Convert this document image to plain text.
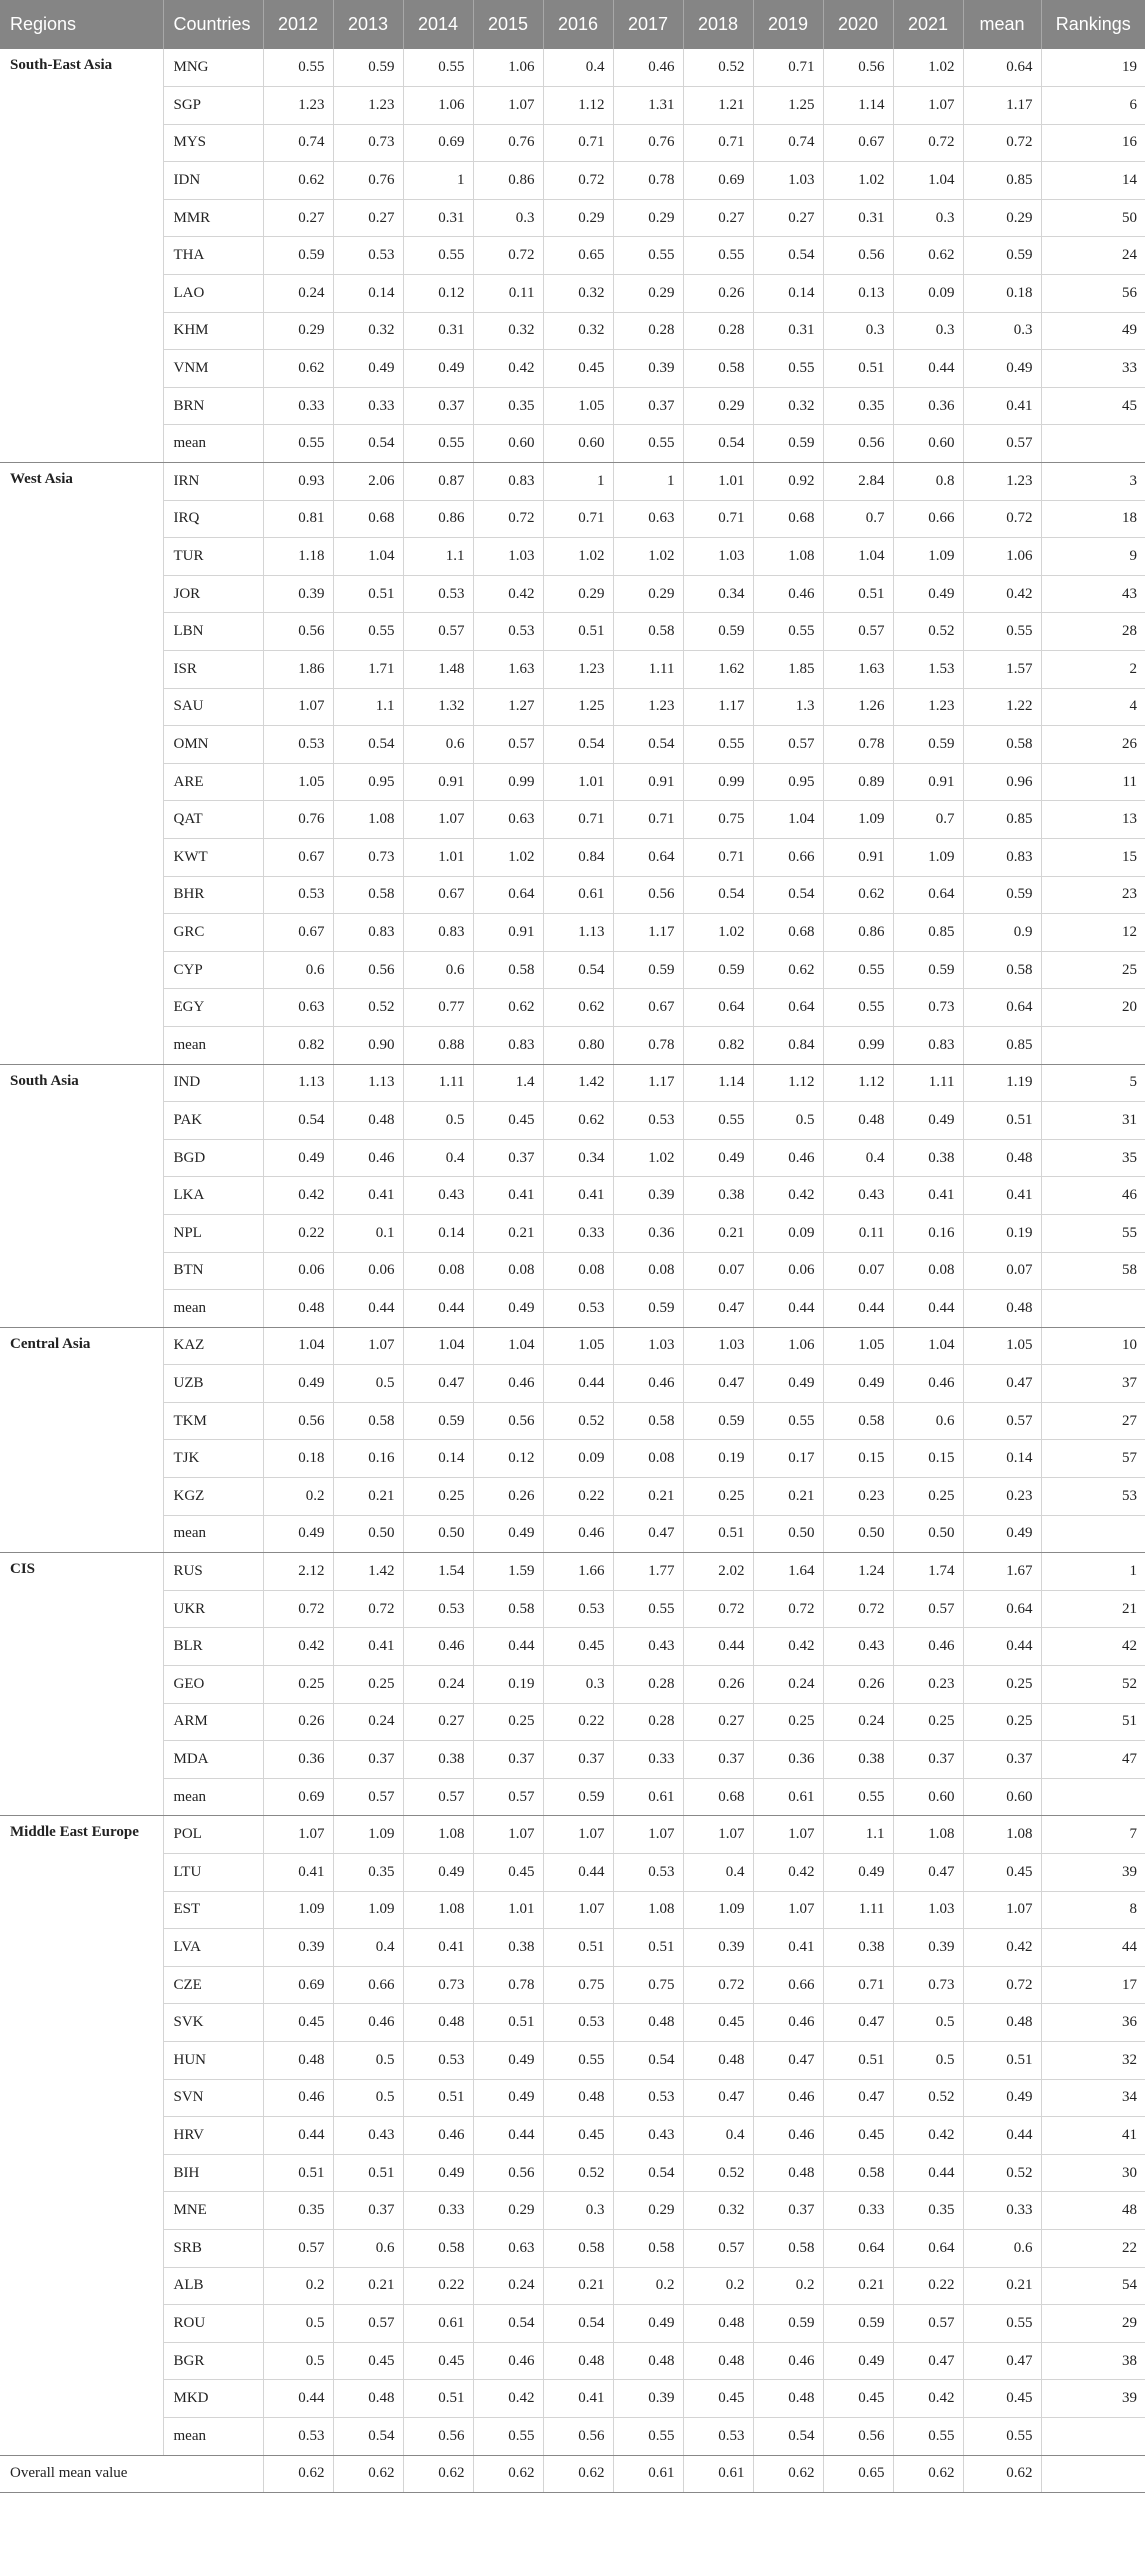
Regions	Countries	2012	2013	2014	2015	2016	2017	2018	2019	2020	2021	mean	Rankings
South-East Asia	MNG	0.55	0.59	0.55	1.06	0.4	0.46	0.52	0.71	0.56	1.02	0.64	19
	SGP	1.23	1.23	1.06	1.07	1.12	1.31	1.21	1.25	1.14	1.07	1.17	6
	MYS	0.74	0.73	0.69	0.76	0.71	0.76	0.71	0.74	0.67	0.72	0.72	16
	IDN	0.62	0.76	1	0.86	0.72	0.78	0.69	1.03	1.02	1.04	0.85	14
	MMR	0.27	0.27	0.31	0.3	0.29	0.29	0.27	0.27	0.31	0.3	0.29	50
	THA	0.59	0.53	0.55	0.72	0.65	0.55	0.55	0.54	0.56	0.62	0.59	24
	LAO	0.24	0.14	0.12	0.11	0.32	0.29	0.26	0.14	0.13	0.09	0.18	56
	KHM	0.29	0.32	0.31	0.32	0.32	0.28	0.28	0.31	0.3	0.3	0.3	49
	VNM	0.62	0.49	0.49	0.42	0.45	0.39	0.58	0.55	0.51	0.44	0.49	33
	BRN	0.33	0.33	0.37	0.35	1.05	0.37	0.29	0.32	0.35	0.36	0.41	45
	mean	0.55	0.54	0.55	0.60	0.60	0.55	0.54	0.59	0.56	0.60	0.57	
West Asia	IRN	0.93	2.06	0.87	0.83	1	1	1.01	0.92	2.84	0.8	1.23	3
	IRQ	0.81	0.68	0.86	0.72	0.71	0.63	0.71	0.68	0.7	0.66	0.72	18
	TUR	1.18	1.04	1.1	1.03	1.02	1.02	1.03	1.08	1.04	1.09	1.06	9
	JOR	0.39	0.51	0.53	0.42	0.29	0.29	0.34	0.46	0.51	0.49	0.42	43
	LBN	0.56	0.55	0.57	0.53	0.51	0.58	0.59	0.55	0.57	0.52	0.55	28
	ISR	1.86	1.71	1.48	1.63	1.23	1.11	1.62	1.85	1.63	1.53	1.57	2
	SAU	1.07	1.1	1.32	1.27	1.25	1.23	1.17	1.3	1.26	1.23	1.22	4
	OMN	0.53	0.54	0.6	0.57	0.54	0.54	0.55	0.57	0.78	0.59	0.58	26
	ARE	1.05	0.95	0.91	0.99	1.01	0.91	0.99	0.95	0.89	0.91	0.96	11
	QAT	0.76	1.08	1.07	0.63	0.71	0.71	0.75	1.04	1.09	0.7	0.85	13
	KWT	0.67	0.73	1.01	1.02	0.84	0.64	0.71	0.66	0.91	1.09	0.83	15
	BHR	0.53	0.58	0.67	0.64	0.61	0.56	0.54	0.54	0.62	0.64	0.59	23
	GRC	0.67	0.83	0.83	0.91	1.13	1.17	1.02	0.68	0.86	0.85	0.9	12
	CYP	0.6	0.56	0.6	0.58	0.54	0.59	0.59	0.62	0.55	0.59	0.58	25
	EGY	0.63	0.52	0.77	0.62	0.62	0.67	0.64	0.64	0.55	0.73	0.64	20
	mean	0.82	0.90	0.88	0.83	0.80	0.78	0.82	0.84	0.99	0.83	0.85	
South Asia	IND	1.13	1.13	1.11	1.4	1.42	1.17	1.14	1.12	1.12	1.11	1.19	5
	PAK	0.54	0.48	0.5	0.45	0.62	0.53	0.55	0.5	0.48	0.49	0.51	31
	BGD	0.49	0.46	0.4	0.37	0.34	1.02	0.49	0.46	0.4	0.38	0.48	35
	LKA	0.42	0.41	0.43	0.41	0.41	0.39	0.38	0.42	0.43	0.41	0.41	46
	NPL	0.22	0.1	0.14	0.21	0.33	0.36	0.21	0.09	0.11	0.16	0.19	55
	BTN	0.06	0.06	0.08	0.08	0.08	0.08	0.07	0.06	0.07	0.08	0.07	58
	mean	0.48	0.44	0.44	0.49	0.53	0.59	0.47	0.44	0.44	0.44	0.48	
Central Asia	KAZ	1.04	1.07	1.04	1.04	1.05	1.03	1.03	1.06	1.05	1.04	1.05	10
	UZB	0.49	0.5	0.47	0.46	0.44	0.46	0.47	0.49	0.49	0.46	0.47	37
	TKM	0.56	0.58	0.59	0.56	0.52	0.58	0.59	0.55	0.58	0.6	0.57	27
	TJK	0.18	0.16	0.14	0.12	0.09	0.08	0.19	0.17	0.15	0.15	0.14	57
	KGZ	0.2	0.21	0.25	0.26	0.22	0.21	0.25	0.21	0.23	0.25	0.23	53
	mean	0.49	0.50	0.50	0.49	0.46	0.47	0.51	0.50	0.50	0.50	0.49	
CIS	RUS	2.12	1.42	1.54	1.59	1.66	1.77	2.02	1.64	1.24	1.74	1.67	1
	UKR	0.72	0.72	0.53	0.58	0.53	0.55	0.72	0.72	0.72	0.57	0.64	21
	BLR	0.42	0.41	0.46	0.44	0.45	0.43	0.44	0.42	0.43	0.46	0.44	42
	GEO	0.25	0.25	0.24	0.19	0.3	0.28	0.26	0.24	0.26	0.23	0.25	52
	ARM	0.26	0.24	0.27	0.25	0.22	0.28	0.27	0.25	0.24	0.25	0.25	51
	MDA	0.36	0.37	0.38	0.37	0.37	0.33	0.37	0.36	0.38	0.37	0.37	47
	mean	0.69	0.57	0.57	0.57	0.59	0.61	0.68	0.61	0.55	0.60	0.60	
Middle East Europe	POL	1.07	1.09	1.08	1.07	1.07	1.07	1.07	1.07	1.1	1.08	1.08	7
	LTU	0.41	0.35	0.49	0.45	0.44	0.53	0.4	0.42	0.49	0.47	0.45	39
	EST	1.09	1.09	1.08	1.01	1.07	1.08	1.09	1.07	1.11	1.03	1.07	8
	LVA	0.39	0.4	0.41	0.38	0.51	0.51	0.39	0.41	0.38	0.39	0.42	44
	CZE	0.69	0.66	0.73	0.78	0.75	0.75	0.72	0.66	0.71	0.73	0.72	17
	SVK	0.45	0.46	0.48	0.51	0.53	0.48	0.45	0.46	0.47	0.5	0.48	36
	HUN	0.48	0.5	0.53	0.49	0.55	0.54	0.48	0.47	0.51	0.5	0.51	32
	SVN	0.46	0.5	0.51	0.49	0.48	0.53	0.47	0.46	0.47	0.52	0.49	34
	HRV	0.44	0.43	0.46	0.44	0.45	0.43	0.4	0.46	0.45	0.42	0.44	41
	BIH	0.51	0.51	0.49	0.56	0.52	0.54	0.52	0.48	0.58	0.44	0.52	30
	MNE	0.35	0.37	0.33	0.29	0.3	0.29	0.32	0.37	0.33	0.35	0.33	48
	SRB	0.57	0.6	0.58	0.63	0.58	0.58	0.57	0.58	0.64	0.64	0.6	22
	ALB	0.2	0.21	0.22	0.24	0.21	0.2	0.2	0.2	0.21	0.22	0.21	54
	ROU	0.5	0.57	0.61	0.54	0.54	0.49	0.48	0.59	0.59	0.57	0.55	29
	BGR	0.5	0.45	0.45	0.46	0.48	0.48	0.48	0.46	0.49	0.47	0.47	38
	MKD	0.44	0.48	0.51	0.42	0.41	0.39	0.45	0.48	0.45	0.42	0.45	39
	mean	0.53	0.54	0.56	0.55	0.56	0.55	0.53	0.54	0.56	0.55	0.55	
Overall mean value		0.62	0.62	0.62	0.62	0.62	0.61	0.61	0.62	0.65	0.62	0.62	
